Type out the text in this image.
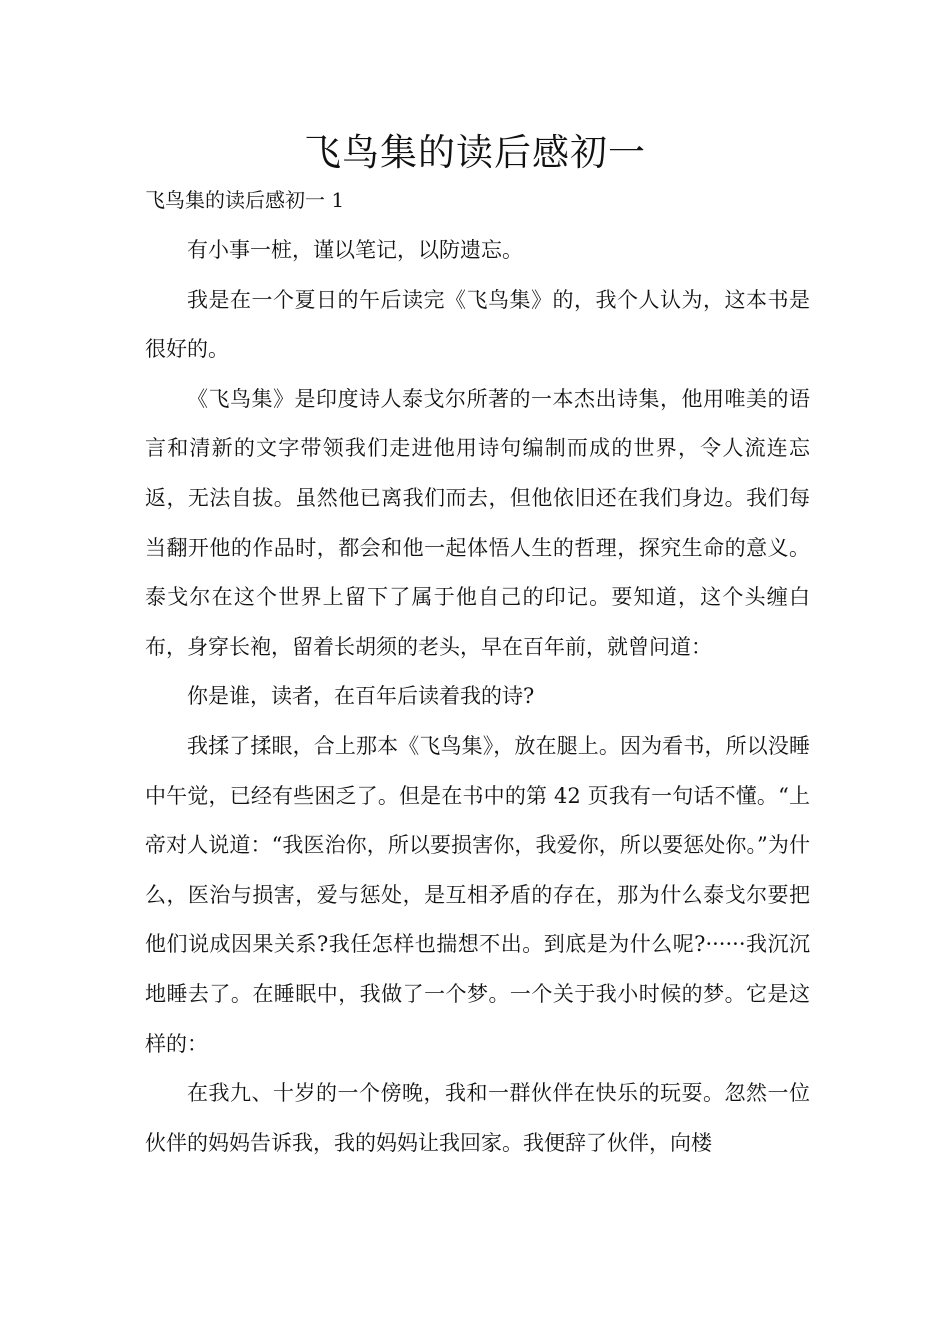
飞鸟集的读后感初一
飞鸟集的读后感初一 1

有小事一桩，谨以笔记，以防遗忘。

我是在一个夏日的午后读完《飞鸟集》的，我个人认为，这本书是很好的。

《飞鸟集》是印度诗人泰戈尔所著的一本杰出诗集，他用唯美的语言和清新的文字带领我们走进他用诗句编制而成的世界，令人流连忘返，无法自拔。虽然他已离我们而去，但他依旧还在我们身边。我们每当翻开他的作品时，都会和他一起体悟人生的哲理，探究生命的意义。泰戈尔在这个世界上留下了属于他自己的印记。要知道，这个头缠白布，身穿长袍，留着长胡须的老头，早在百年前，就曾问道：

你是谁，读者，在百年后读着我的诗?

我揉了揉眼，合上那本《飞鸟集》，放在腿上。因为看书，所以没睡中午觉，已经有些困乏了。但是在书中的第 42 页我有一句话不懂。“上帝对人说道：“我医治你，所以要损害你，我爱你，所以要惩处你。”为什么，医治与损害，爱与惩处，是互相矛盾的存在，那为什么泰戈尔要把他们说成因果关系?我任怎样也揣想不出。到底是为什么呢?······我沉沉地睡去了。在睡眠中，我做了一个梦。一个关于我小时候的梦。它是这样的：

在我九、十岁的一个傍晚，我和一群伙伴在快乐的玩耍。忽然一位伙伴的妈妈告诉我，我的妈妈让我回家。我便辞了伙伴，向楼
